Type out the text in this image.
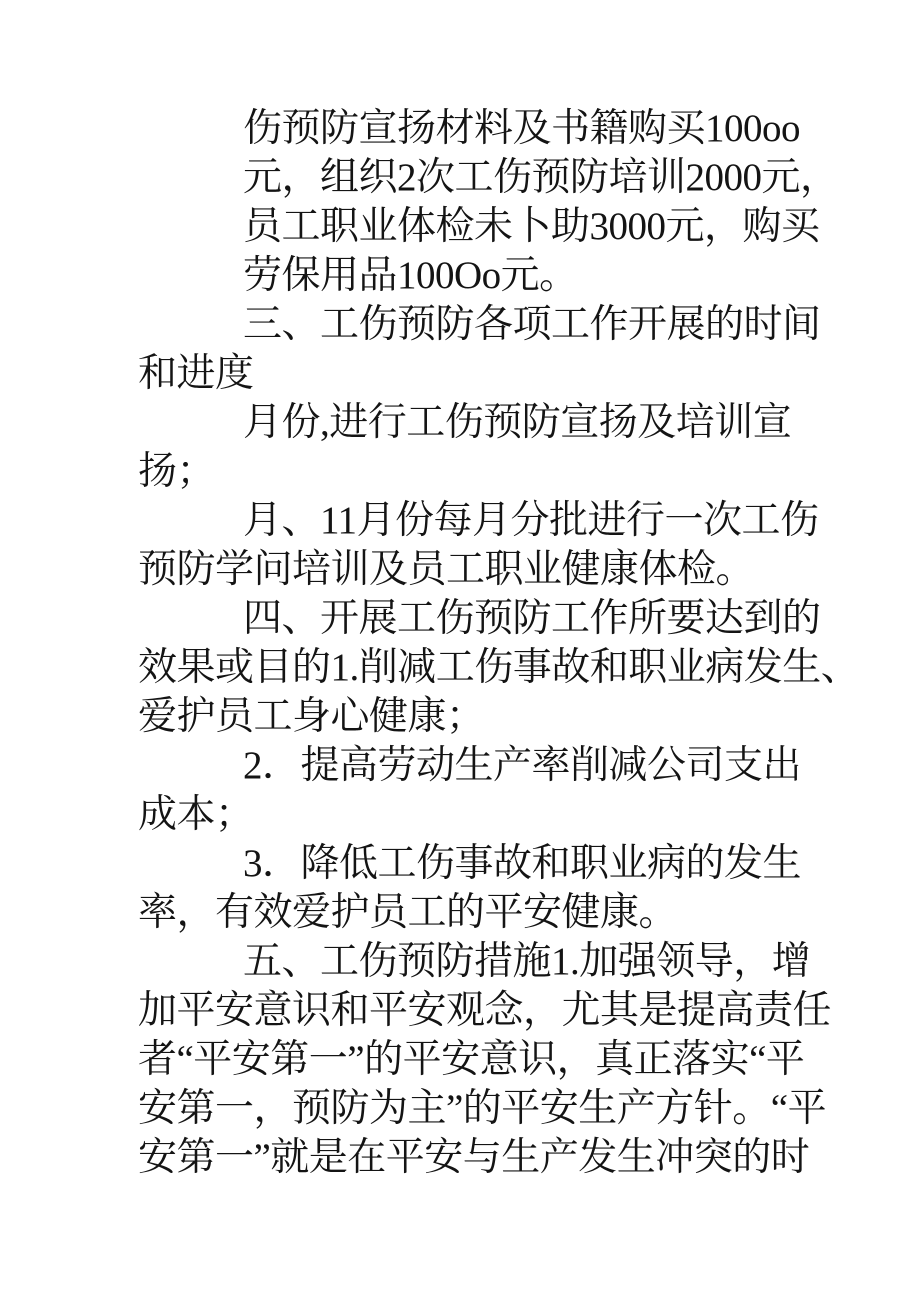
伤预防宣扬材料及书籍购买100oo
元，组织2次工伤预防培训2000元，
员工职业体检未卜助3000元，购买
劳保用品100Oo元。
三、工伤预防各项工作开展的时间
和进度
月份,进行工伤预防宣扬及培训宣
扬；
月、11月份每月分批进行一次工伤
预防学问培训及员工职业健康体检。
四、开展工伤预防工作所要达到的
效果或目的1.削减工伤事故和职业病发生、
爱护员工身心健康；
2．提高劳动生产率削减公司支出
成本；
3．降低工伤事故和职业病的发生
率，有效爱护员工的平安健康。
五、工伤预防措施1.加强领导，增
加平安意识和平安观念，尤其是提高责任
者“平安第一”的平安意识，真正落实“平
安第一，预防为主”的平安生产方针。“平
安第一”就是在平安与生产发生冲突的时
